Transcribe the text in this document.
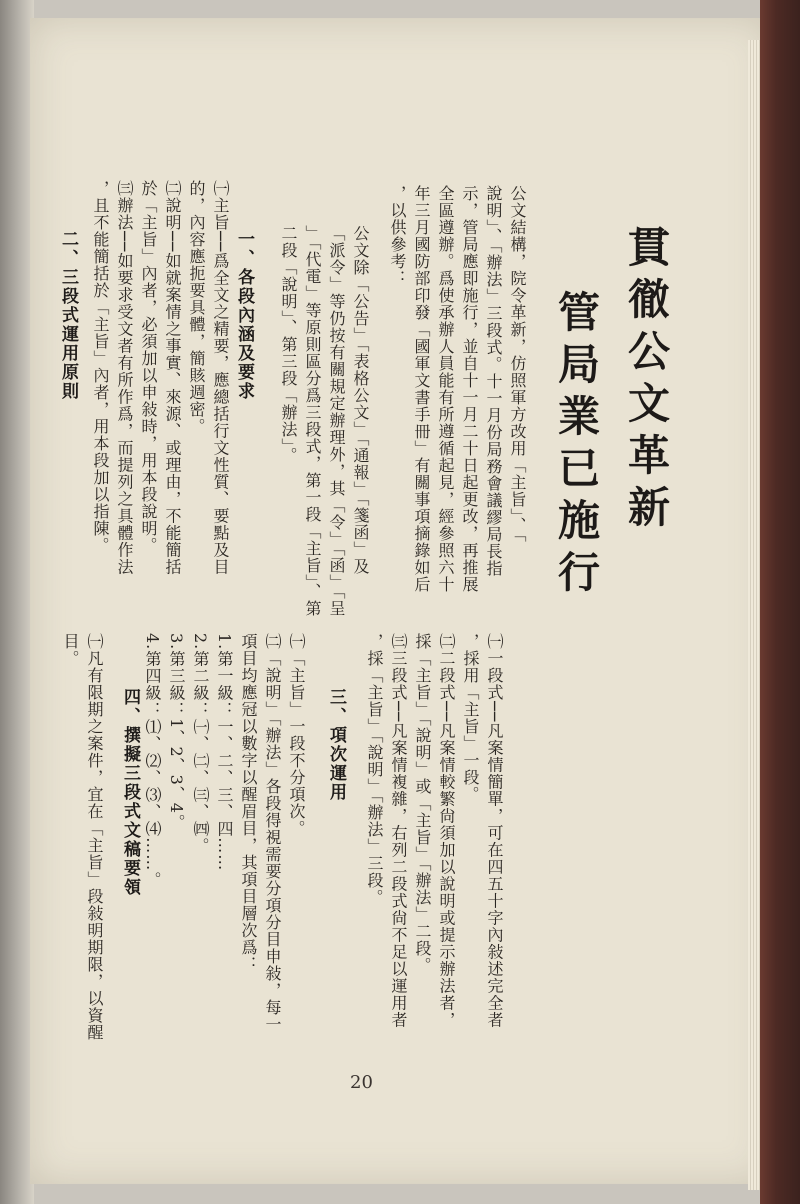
貫徹公文革新
管局業已施行
公文結構，院令革新，仿照軍方改用「主旨」、「
說明」、「辦法」三段式。十一月份局務會議繆局長指
示，管局應即施行，並自十一月二十日起更改，再推展
全區遵辦。爲使承辦人員能有所遵循起見，經參照六十
年三月國防部印發「國軍文書手冊」有關事項摘錄如后
，以供參考：
公文除「公告」「表格公文」「通報」「箋函」及
「派令」等仍按有關規定辦理外，其「令」「函」「呈
」「代電」等原則區分爲三段式，第一段「主旨」、第
二段「說明」、第三段「辦法」。
一、各段內涵及要求
㈠主旨──爲全文之精要，應總括行文性質、要點及目
的，內容應扼要具體，簡賅週密。
㈡說明──如就案情之事實、來源、或理由，不能簡括
於「主旨」內者，必須加以申敍時，用本段說明。
㈢辦法──如要求受文者有所作爲，而提列之具體作法
，且不能簡括於「主旨」內者，用本段加以指陳。
二、三段式運用原則
㈠一段式──凡案情簡單，可在四五十字內敍述完全者
，採用「主旨」一段。
㈡二段式──凡案情較繁尙須加以說明或提示辦法者，
採「主旨」「說明」或「主旨」「辦法」二段。
㈢三段式──凡案情複雜，右列二段式尙不足以運用者
，採「主旨」「說明」「辦法」三段。
三、項次運用
㈠「主旨」一段不分項次。
㈡「說明」「辦法」各段得視需要分項分目申敍，每一
項目均應冠以數字以醒眉目，其項目層次爲：
1.第一級：一、二、三、四……
2.第二級：㈠、㈡、㈢、㈣。
3.第三級：1、2、3、4。
4.第四級：⑴、⑵、⑶、⑷……。
四、撰擬三段式文稿要領
㈠凡有限期之案件，宜在「主旨」段敍明期限，以資醒
目。
20
